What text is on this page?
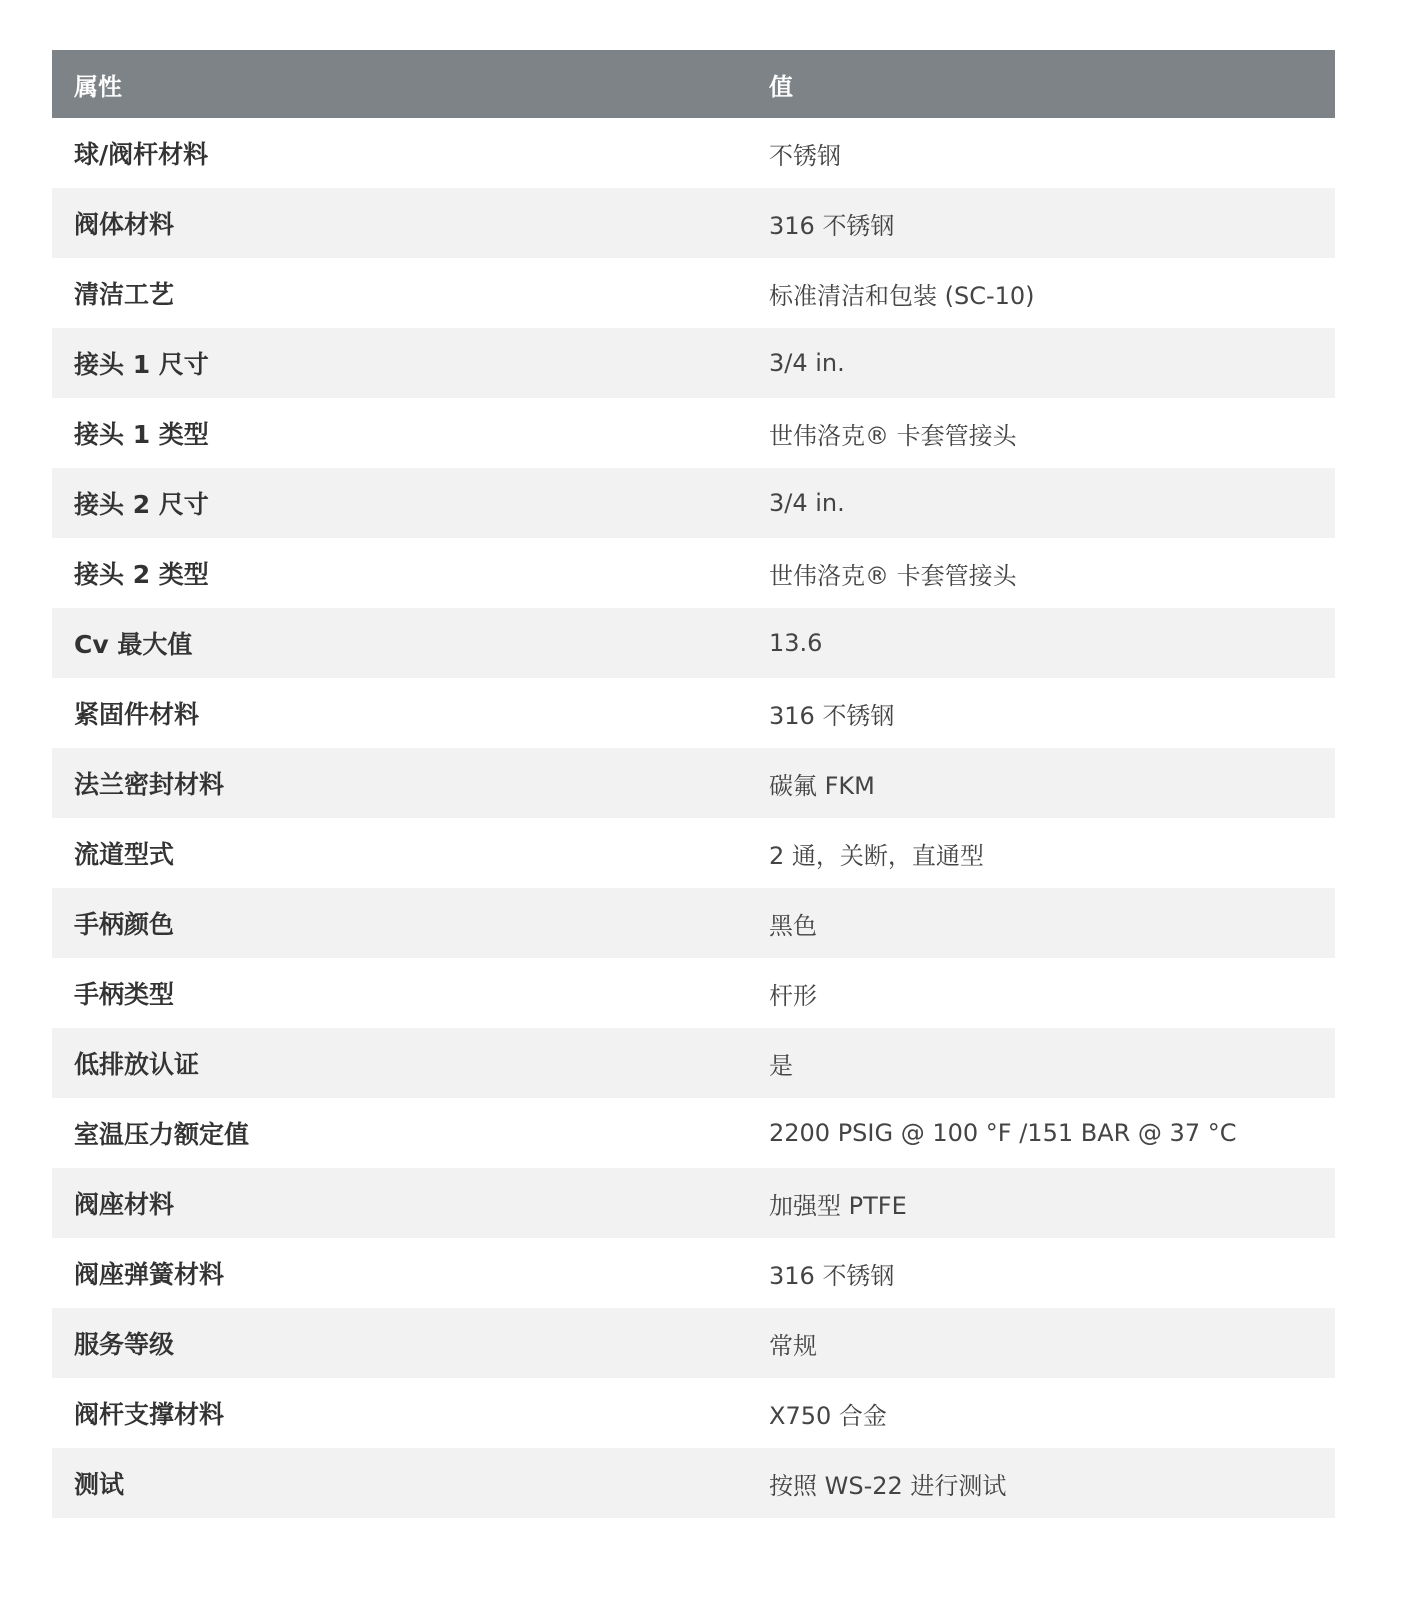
属性	值
球/阀杆材料	不锈钢
阀体材料	316 不锈钢
清洁工艺	标准清洁和包装 (SC-10)
接头 1 尺寸	3/4 in.
接头 1 类型	世伟洛克® 卡套管接头
接头 2 尺寸	3/4 in.
接头 2 类型	世伟洛克® 卡套管接头
Cv 最大值	13.6
紧固件材料	316 不锈钢
法兰密封材料	碳氟 FKM
流道型式	2 通，关断，直通型
手柄颜色	黑色
手柄类型	杆形
低排放认证	是
室温压力额定值	2200 PSIG @ 100 °F /151 BAR @ 37 °C
阀座材料	加强型 PTFE
阀座弹簧材料	316 不锈钢
服务等级	常规
阀杆支撑材料	X750 合金
测试	按照 WS-22 进行测试
